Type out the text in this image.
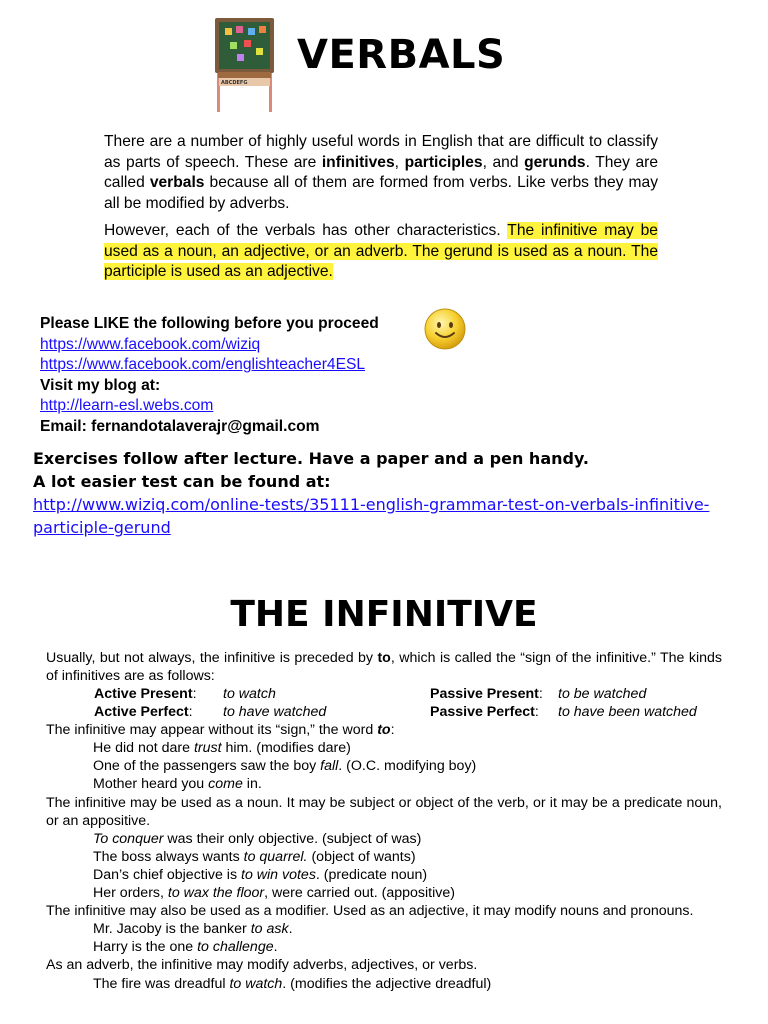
ABCDEFG
VERBALS
There are a number of highly useful words in English that are difficult to classify as parts of speech. These are infinitives, participles, and gerunds. They are called verbals because all of them are formed from verbs. Like verbs they may all be modified by adverbs.
However, each of the verbals has other characteristics. The infinitive may be used as a noun, an adjective, or an adverb. The gerund is used as a noun. The participle is used as an adjective.
Please LIKE the following before you proceed
https://www.facebook.com/wiziq
https://www.facebook.com/englishteacher4ESL
Visit my blog at:
http://learn-esl.webs.com
Email: fernandotalaverajr@gmail.com
Exercises follow after lecture. Have a paper and a pen handy.
A lot easier test can be found at:
http://www.wiziq.com/online-tests/35111-english-grammar-test-on-verbals-infinitive-participle-gerund
THE INFINITIVE

Usually, but not always, the infinitive is preceded by to, which is called the “sign of the infinitive.” The kinds of infinitives are as follows:

Active Present: to watch	Passive Present: to be watched
Active Perfect: to have watched	Passive Perfect: to have been watched

The infinitive may appear without its “sign,” the word to:

He did not dare trust him. (modifies dare)

One of the passengers saw the boy fall. (O.C. modifying boy)

Mother heard you come in.

The infinitive may be used as a noun. It may be subject or object of the verb, or it may be a predicate noun, or an appositive.

To conquer was their only objective. (subject of was)

The boss always wants to quarrel. (object of wants)

Dan’s chief objective is to win votes. (predicate noun)

Her orders, to wax the floor, were carried out. (appositive)

The infinitive may also be used as a modifier. Used as an adjective, it may modify nouns and pronouns.

Mr. Jacoby is the banker to ask.

Harry is the one to challenge.

As an adverb, the infinitive may modify adverbs, adjectives, or verbs.

The fire was dreadful to watch. (modifies the adjective dreadful)
